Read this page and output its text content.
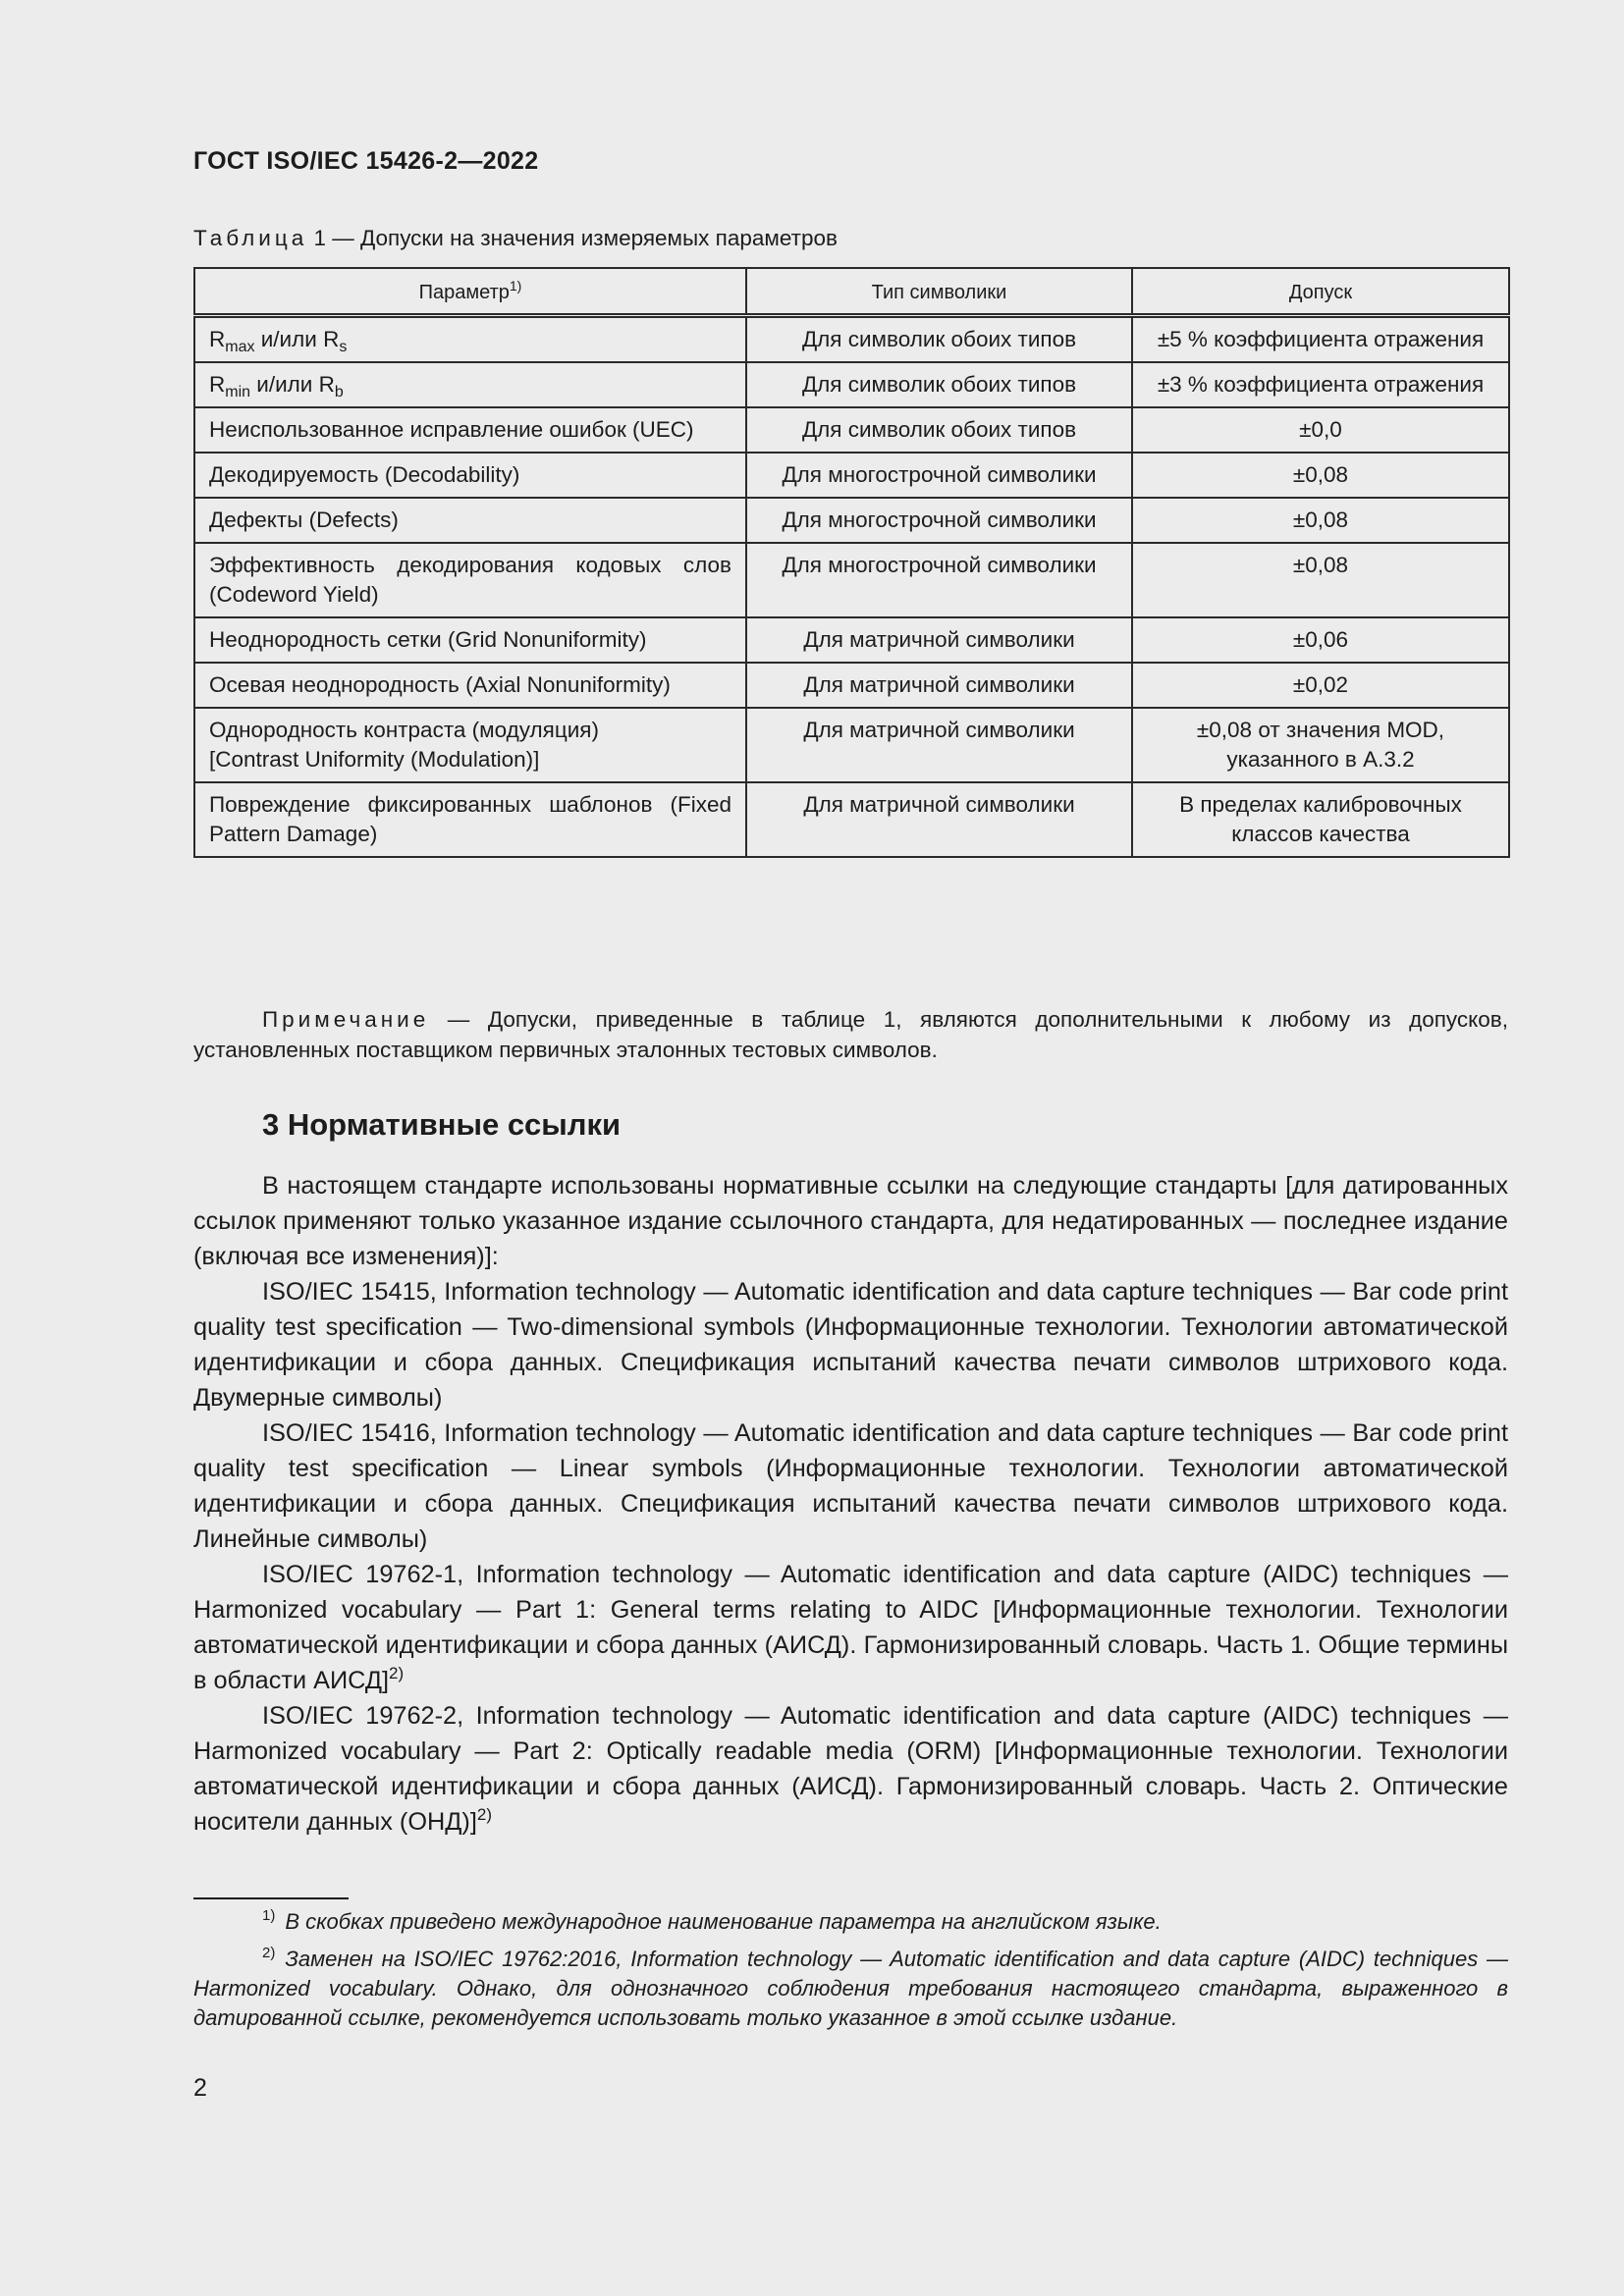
ГОСТ ISO/IEC 15426-2—2022
Таблица 1 — Допуски на значения измеряемых параметров
Параметр$^{1)}$	Тип символики	Допуск
$R_{max}$ и/или $R_s$	Для символик обоих типов	±5 % коэффициента отражения
$R_{min}$ и/или $R_b$	Для символик обоих типов	±3 % коэффициента отражения
Неиспользованное исправление ошибок (UEC)	Для символик обоих типов	±0,0
Декодируемость (Decodability)	Для многострочной символики	±0,08
Дефекты (Defects)	Для многострочной символики	±0,08
Эффективность декодирования кодовых слов (Codeword Yield)	Для многострочной символики	±0,08
Неоднородность сетки (Grid Nonuniformity)	Для матричной символики	±0,06
Осевая неоднородность (Axial Nonuniformity)	Для матричной символики	±0,02
Однородность контраста (модуляция)
[Contrast Uniformity (Modulation)]	Для матричной символики	±0,08 от значения MOD, указанного в А.3.2
Повреждение фиксированных шаблонов (Fixed Pattern Damage)	Для матричной символики	В пределах калибровочных классов качества
Примечание — Допуски, приведенные в таблице 1, являются дополнительными к любому из допусков, установленных поставщиком первичных эталонных тестовых символов.
3 Нормативные ссылки

В настоящем стандарте использованы нормативные ссылки на следующие стандарты [для датированных ссылок применяют только указанное издание ссылочного стандарта, для недатированных — последнее издание (включая все изменения)]:

ISO/IEC 15415, Information technology — Automatic identification and data capture techniques — Bar code print quality test specification — Two-dimensional symbols (Информационные технологии. Технологии автоматической идентификации и сбора данных. Спецификация испытаний качества печати символов штрихового кода. Двумерные символы)

ISO/IEC 15416, Information technology — Automatic identification and data capture techniques — Bar code print quality test specification — Linear symbols (Информационные технологии. Технологии автоматической идентификации и сбора данных. Спецификация испытаний качества печати символов штрихового кода. Линейные символы)

ISO/IEC 19762-1, Information technology — Automatic identification and data capture (AIDC) techniques — Harmonized vocabulary — Part 1: General terms relating to AIDC [Информационные технологии. Технологии автоматической идентификации и сбора данных (АИСД). Гармонизированный словарь. Часть 1. Общие термины в области АИСД]$^{2)}$

ISO/IEC 19762-2, Information technology — Automatic identification and data capture (AIDC) techniques — Harmonized vocabulary — Part 2: Optically readable media (ORM) [Информационные технологии. Технологии автоматической идентификации и сбора данных (АИСД). Гармонизированный словарь. Часть 2. Оптические носители данных (ОНД)]$^{2)}$

$^{1)}$ В скобках приведено международное наименование параметра на английском языке.

$^{2)}$ Заменен на ISO/IEC 19762:2016, Information technology — Automatic identification and data capture (AIDC) techniques — Harmonized vocabulary. Однако, для однозначного соблюдения требования настоящего стандарта, выраженного в датированной ссылке, рекомендуется использовать только указанное в этой ссылке издание.

2
